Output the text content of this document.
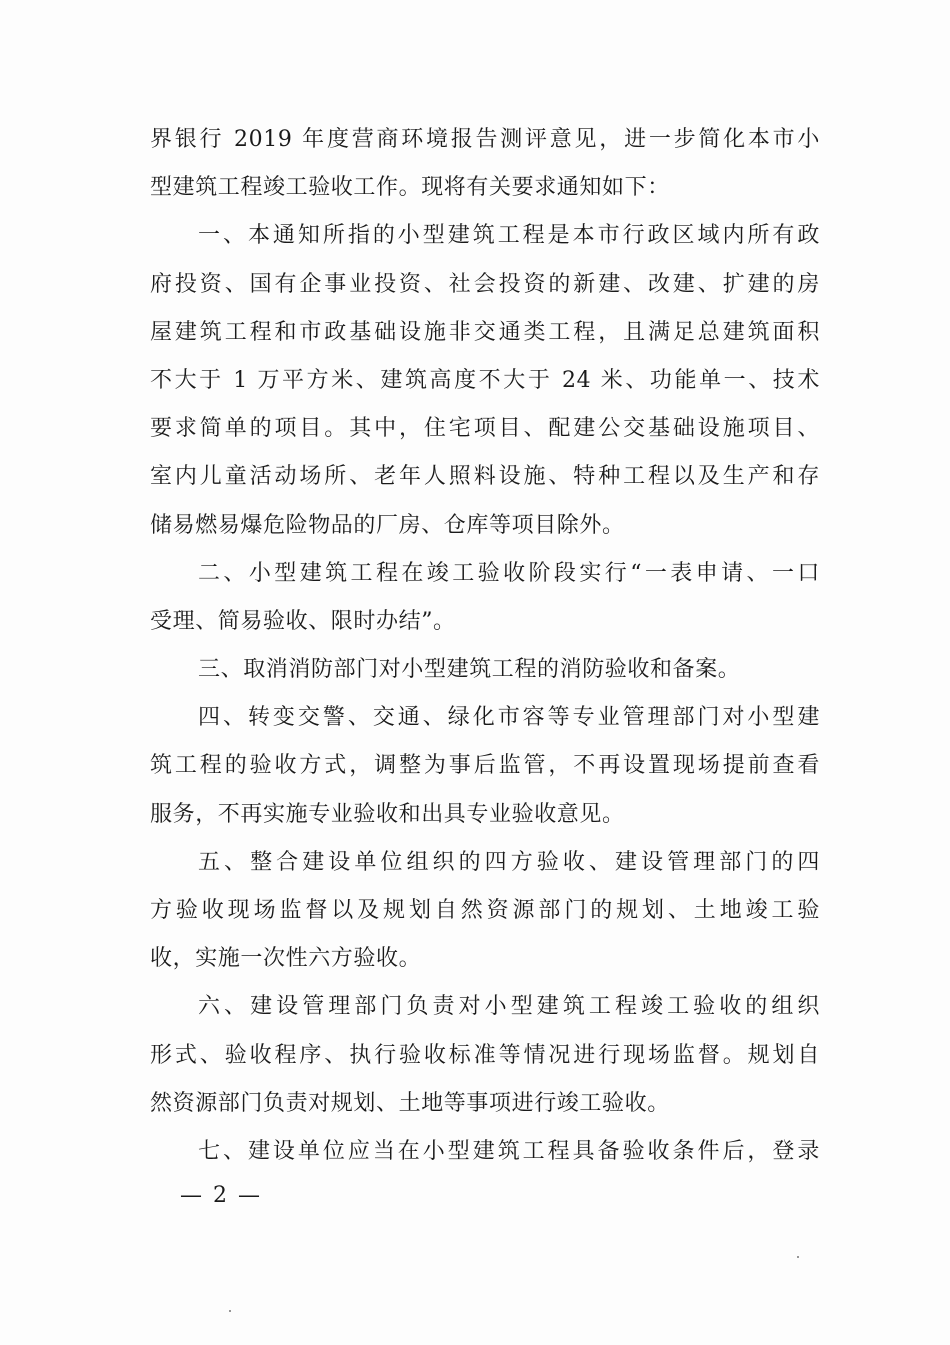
界银行 2019 年度营商环境报告测评意见，进一步简化本市小
型建筑工程竣工验收工作。现将有关要求通知如下：
一、本通知所指的小型建筑工程是本市行政区域内所有政
府投资、国有企事业投资、社会投资的新建、改建、扩建的房
屋建筑工程和市政基础设施非交通类工程，且满足总建筑面积
不大于 1 万平方米、建筑高度不大于 24 米、功能单一、技术
要求简单的项目。其中，住宅项目、配建公交基础设施项目、
室内儿童活动场所、老年人照料设施、特种工程以及生产和存
储易燃易爆危险物品的厂房、仓库等项目除外。
二、小型建筑工程在竣工验收阶段实行“一表申请、一口
受理、简易验收、限时办结”。
三、取消消防部门对小型建筑工程的消防验收和备案。
四、转变交警、交通、绿化市容等专业管理部门对小型建
筑工程的验收方式，调整为事后监管，不再设置现场提前查看
服务，不再实施专业验收和出具专业验收意见。
五、整合建设单位组织的四方验收、建设管理部门的四
方验收现场监督以及规划自然资源部门的规划、土地竣工验
收，实施一次性六方验收。
六、建设管理部门负责对小型建筑工程竣工验收的组织
形式、验收程序、执行验收标准等情况进行现场监督。规划自
然资源部门负责对规划、土地等事项进行竣工验收。
七、建设单位应当在小型建筑工程具备验收条件后，登录
— 2 —
